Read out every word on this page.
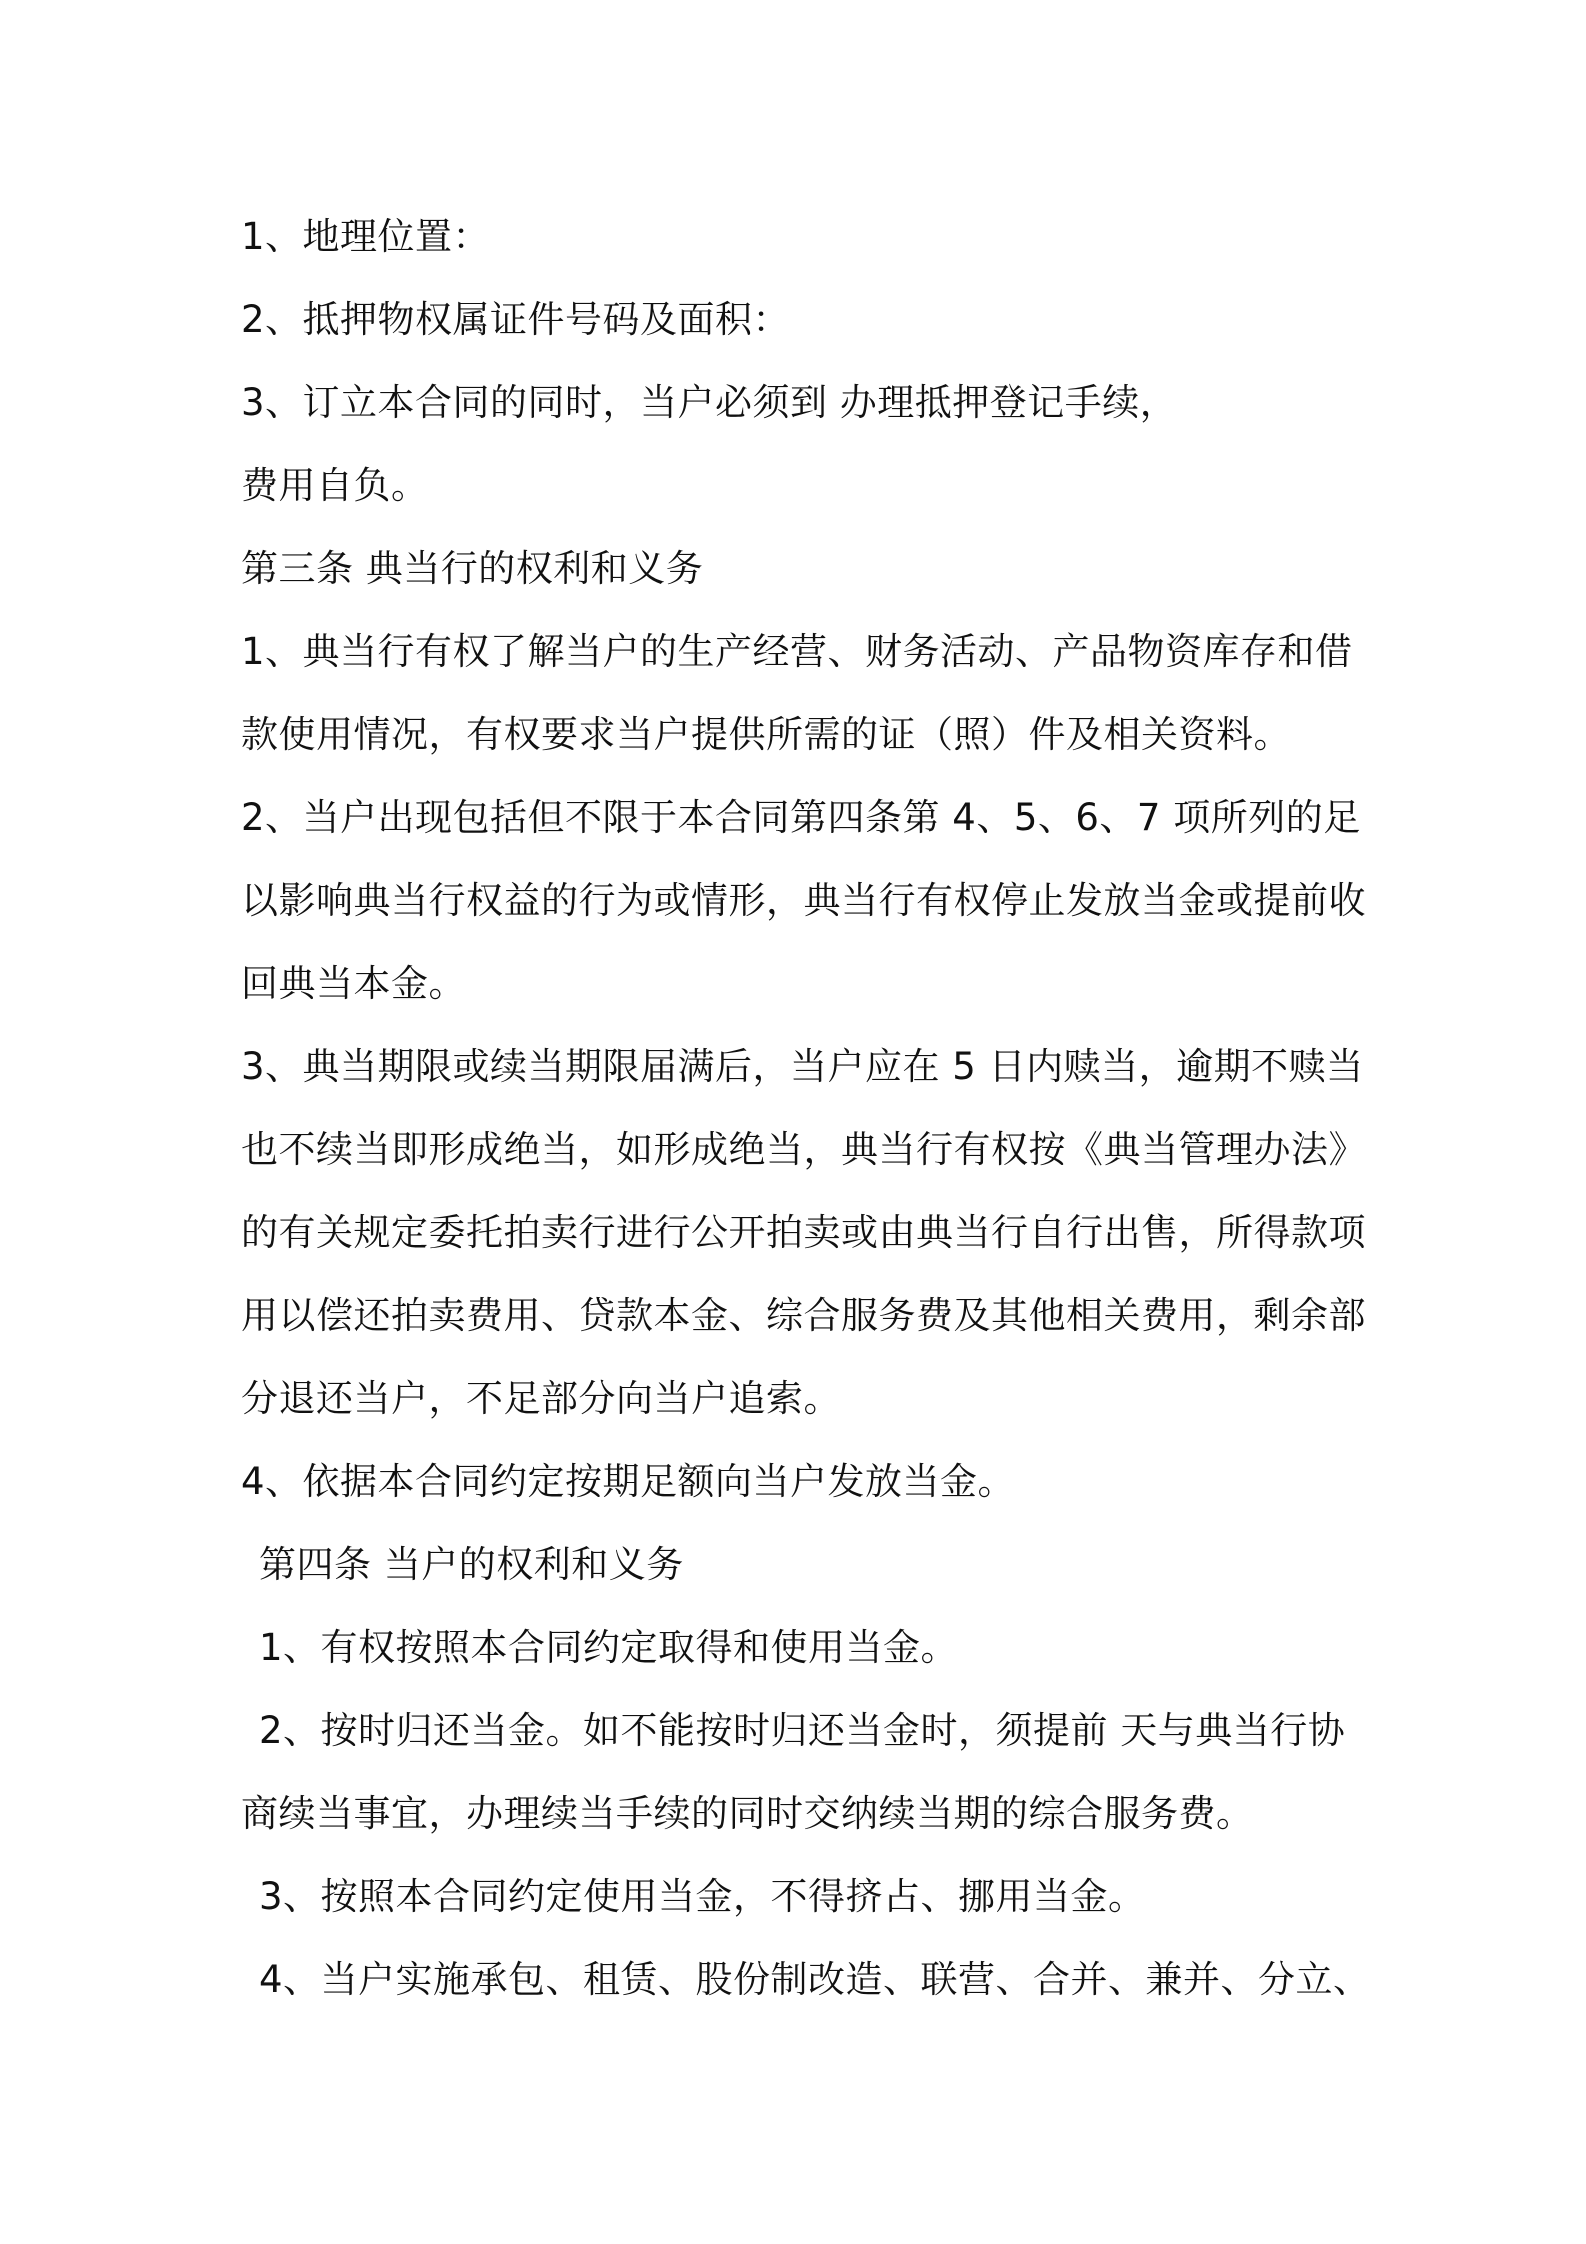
1、地理位置：
2、抵押物权属证件号码及面积：
3、订立本合同的同时，当户必须到 办理抵押登记手续，
费用自负。
第三条 典当行的权利和义务
1、典当行有权了解当户的生产经营、财务活动、产品物资库存和借
款使用情况，有权要求当户提供所需的证（照）件及相关资料。
2、当户出现包括但不限于本合同第四条第 4、5、6、7 项所列的足
以影响典当行权益的行为或情形，典当行有权停止发放当金或提前收
回典当本金。
3、典当期限或续当期限届满后，当户应在 5 日内赎当，逾期不赎当
也不续当即形成绝当，如形成绝当，典当行有权按《典当管理办法》
的有关规定委托拍卖行进行公开拍卖或由典当行自行出售，所得款项
用以偿还拍卖费用、贷款本金、综合服务费及其他相关费用，剩余部
分退还当户，不足部分向当户追索。
4、依据本合同约定按期足额向当户发放当金。
第四条 当户的权利和义务
1、有权按照本合同约定取得和使用当金。
2、按时归还当金。如不能按时归还当金时，须提前 天与典当行协
商续当事宜，办理续当手续的同时交纳续当期的综合服务费。
3、按照本合同约定使用当金，不得挤占、挪用当金。
4、当户实施承包、租赁、股份制改造、联营、合并、兼并、分立、
